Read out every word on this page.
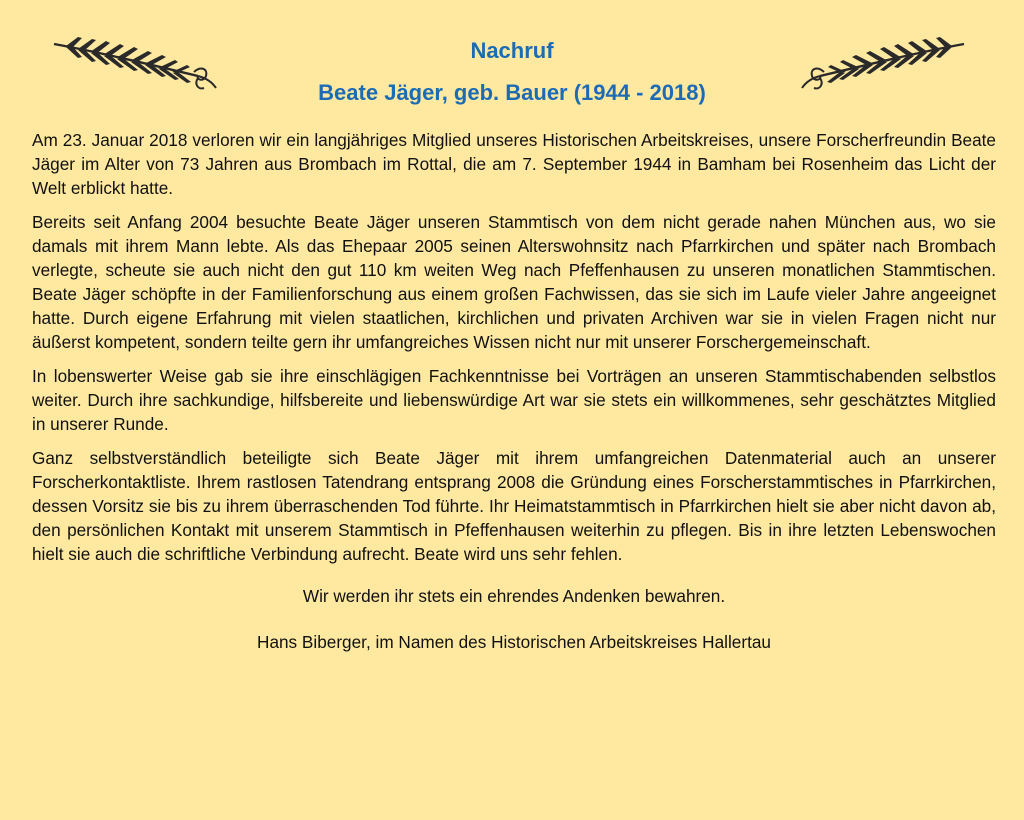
Nachruf
Beate Jäger, geb. Bauer (1944 - 2018)

Am 23. Januar 2018 verloren wir ein langjähriges Mitglied unseres Historischen Arbeitskreises, unsere Forscherfreundin Beate Jäger im Alter von 73 Jahren aus Brombach im Rottal, die am 7. September 1944 in Bamham bei Rosenheim das Licht der Welt erblickt hatte.

Bereits seit Anfang 2004 besuchte Beate Jäger unseren Stammtisch von dem nicht gerade nahen München aus, wo sie damals mit ihrem Mann lebte. Als das Ehepaar 2005 seinen Alterswohnsitz nach Pfarrkirchen und später nach Brombach verlegte, scheute sie auch nicht den gut 110 km weiten Weg nach Pfeffenhausen zu unseren monatlichen Stammtischen. Beate Jäger schöpfte in der Familienforschung aus einem großen Fachwissen, das sie sich im Laufe vieler Jahre angeeignet hatte. Durch eigene Erfahrung mit vielen staatlichen, kirchlichen und privaten Archiven war sie in vielen Fragen nicht nur äußerst kompetent, sondern teilte gern ihr umfangreiches Wissen nicht nur mit unserer Forschergemeinschaft.

In lobenswerter Weise gab sie ihre einschlägigen Fachkenntnisse bei Vorträgen an unseren Stammtischabenden selbstlos weiter. Durch ihre sachkundige, hilfsbereite und liebenswürdige Art war sie stets ein willkommenes, sehr geschätztes Mitglied in unserer Runde.

Ganz selbstverständlich beteiligte sich Beate Jäger mit ihrem umfangreichen Datenmaterial auch an unserer Forscherkontaktliste. Ihrem rastlosen Tatendrang entsprang 2008 die Gründung eines Forscherstammtisches in Pfarrkirchen, dessen Vorsitz sie bis zu ihrem überraschenden Tod führte. Ihr Heimatstammtisch in Pfarrkirchen hielt sie aber nicht davon ab, den persönlichen Kontakt mit unserem Stammtisch in Pfeffenhausen weiterhin zu pflegen. Bis in ihre letzten Lebenswochen hielt sie auch die schriftliche Verbindung aufrecht. Beate wird uns sehr fehlen.

Wir werden ihr stets ein ehrendes Andenken bewahren.

Hans Biberger, im Namen des Historischen Arbeitskreises Hallertau
